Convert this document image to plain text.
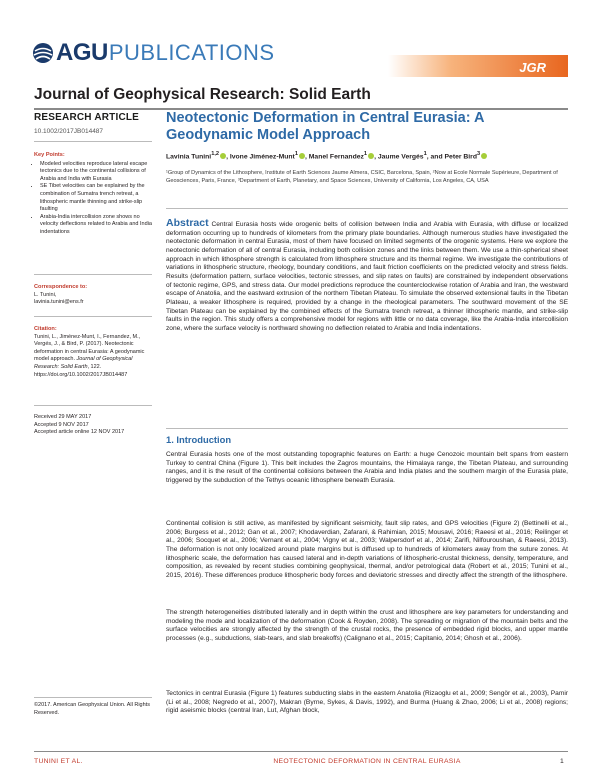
AGU PUBLICATIONS
JGR
Journal of Geophysical Research: Solid Earth
RESEARCH ARTICLE
10.1002/2017JB014487
Key Points:
• Modeled velocities reproduce lateral escape tectonics due to the continental collisions of Arabia and India with Eurasia
• SE Tibet velocities can be explained by the combination of Sumatra trench retreat, a lithospheric mantle thinning and strike-slip faulting
• Arabia-India intercollision zone shows no velocity deflections related to Arabia and India indentations
Correspondence to:
L. Tunini,
lavinia.tunini@ens.fr
Citation:
Tunini, L., Jiménez-Munt, I., Fernandez, M., Vergés, J., & Bird, P. (2017). Neotectonic deformation in central Eurasia: A geodynamic model approach. Journal of Geophysical Research: Solid Earth, 122. https://doi.org/10.1002/2017JB014487
Received 29 MAY 2017
Accepted 9 NOV 2017
Accepted article online 12 NOV 2017
©2017. American Geophysical Union. All Rights Reserved.
Neotectonic Deformation in Central Eurasia: A Geodynamic Model Approach
Lavinia Tunini$^{1,2}$ , Ivone Jiménez-Munt$^1$ , Manel Fernandez$^1$ , Jaume Vergés$^1$, and Peter Bird$^3$
¹Group of Dynamics of the Lithosphere, Institute of Earth Sciences Jaume Almera, CSIC, Barcelona, Spain, ²Now at Ecole Normale Supérieure, Department of Geosciences, Paris, France, ³Department of Earth, Planetary, and Space Sciences, University of California, Los Angeles, CA, USA
Abstract Central Eurasia hosts wide orogenic belts of collision between India and Arabia with Eurasia, with diffuse or localized deformation occurring up to hundreds of kilometers from the primary plate boundaries. Although numerous studies have investigated the neotectonic deformation in central Eurasia, most of them have focused on limited segments of the orogenic systems. Here we explore the neotectonic deformation of all of central Eurasia, including both collision zones and the links between them. We use a thin-spherical sheet approach in which lithosphere strength is calculated from lithosphere structure and its thermal regime. We investigate the contributions of variations in lithospheric structure, rheology, boundary conditions, and fault friction coefficients on the predicted velocity and stress fields. Results (deformation pattern, surface velocities, tectonic stresses, and slip rates on faults) are constrained by independent observations of tectonic regime, GPS, and stress data. Our model predictions reproduce the counterclockwise rotation of Arabia and Iran, the westward escape of Anatolia, and the eastward extrusion of the northern Tibetan Plateau. To simulate the observed extensional faults in the Tibetan Plateau, a weaker lithosphere is required, provided by a change in the rheological parameters. The southward movement of the SE Tibetan Plateau can be explained by the combined effects of the Sumatra trench retreat, a thinner lithospheric mantle, and strike-slip faults in the region. This study offers a comprehensive model for regions with little or no data coverage, like the Arabia-India intercollision zone, where the surface velocity is northward showing no deflection related to Arabia and India indentations.
1. Introduction
Central Eurasia hosts one of the most outstanding topographic features on Earth: a huge Cenozoic mountain belt spans from eastern Turkey to central China (Figure 1). This belt includes the Zagros mountains, the Himalaya range, the Tibetan Plateau, and surrounding ranges, and it is the result of the continental collisions between the Arabia and India plates and the southern margin of the Eurasia plate, triggered by the subduction of the Tethys oceanic lithosphere beneath Eurasia.
Continental collision is still active, as manifested by significant seismicity, fault slip rates, and GPS velocities (Figure 2) (Bettinelli et al., 2006; Burgess et al., 2012; Gan et al., 2007; Khodaverdian, Zafarani, & Rahimian, 2015; Mousavi, 2016; Raeesi et al., 2016; Reilinger et al., 2006; Socquet et al., 2006; Vernant et al., 2004; Vigny et al., 2003; Walpersdorf et al., 2014; Zarifi, Nilfouroushan, & Raeesi, 2013). The deformation is not only localized around plate margins but is diffused up to hundreds of kilometers away from the suture zones. At lithospheric scale, the deformation has caused lateral and in-depth variations of lithospheric-crustal thickness, density, temperature, and composition, as revealed by recent studies combining geophysical, thermal, and/or petrological data (Robert et al., 2015; Tunini et al., 2015, 2016). These differences produce lithospheric body forces and deviatoric stresses and directly affect the strength of the lithosphere.
The strength heterogeneities distributed laterally and in depth within the crust and lithosphere are key parameters for understanding and modeling the mode and localization of the deformation (Cook & Royden, 2008). The spreading or migration of the mountain belts and the surface velocities are strongly affected by the strength of the crustal rocks, the presence of embedded rigid blocks, and upper mantle processes (e.g., subductions, slab-tears, and slab breakoffs) (Calignano et al., 2015; Capitanio, 2014; Ghosh et al., 2006).
Tectonics in central Eurasia (Figure 1) features subducting slabs in the eastern Anatolia (Rizaoglu et al., 2009; Sengör et al., 2003), Pamir (Li et al., 2008; Negredo et al., 2007), Makran (Byrne, Sykes, & Davis, 1992), and Burma (Huang & Zhao, 2006; Li et al., 2008) regions; rigid aseismic blocks (central Iran, Lut, Afghan block,
TUNINI ET AL.	NEOTECTONIC DEFORMATION IN CENTRAL EURASIA	1
